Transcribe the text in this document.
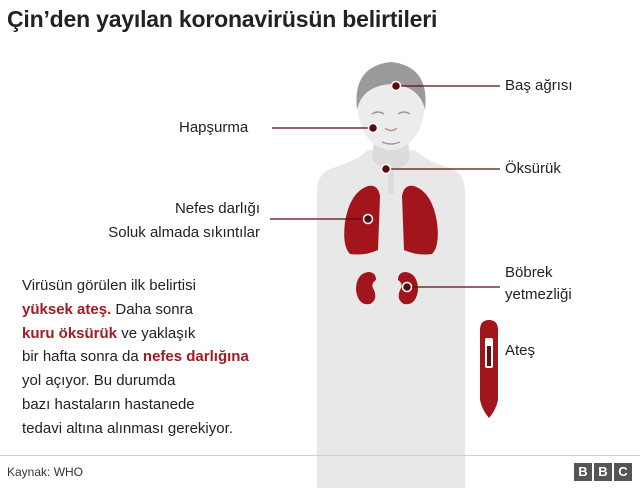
Çin’den yayılan koronavirüsün belirtileri
Baş ağrısı
Hapşurma
Öksürük
Nefes darlığı
Soluk almada sıkıntılar
Böbrek
yetmezliği
Ateş
Virüsün görülen ilk belirtisi
yüksek ateş. Daha sonra
kuru öksürük ve yaklaşık
bir hafta sonra da nefes darlığına
yol açıyor. Bu durumda
bazı hastaların hastanede
tedavi altına alınması gerekiyor.
Kaynak: WHO	B B C
